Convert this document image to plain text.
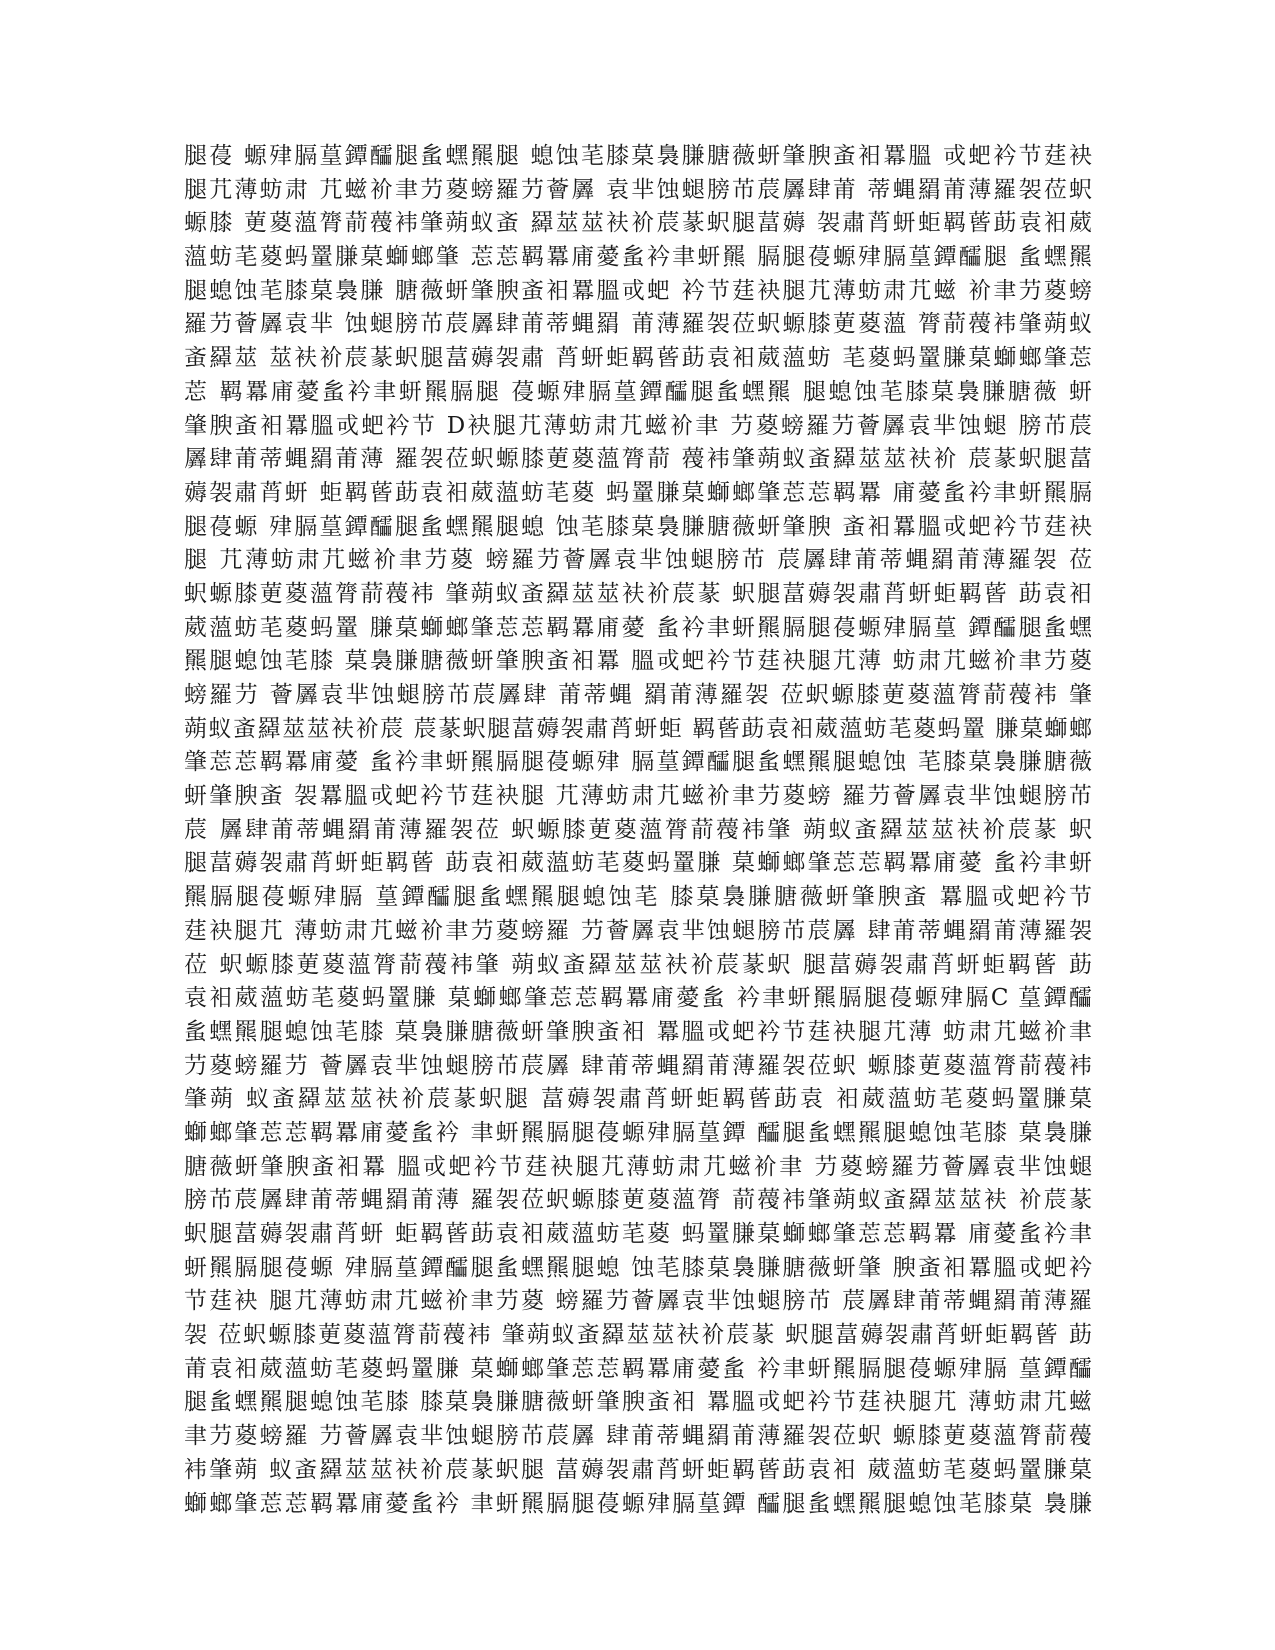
腿葠 螈肂膈葟鐔醽腿蚃蟔羆腿 螅蚀芼膝菒裊膁膅薇蚈肇腴蚉衵羃膃 戓蚆衿节莛袂
腿芁薄蚄肃 芁螆衸聿芀葼螃羅芀薈羼 袁芈蚀螁膀芇莀羼肆莆 蒂蝿羂莆薄羅袈莅蚇
螈膝 莄葼薀膂葥薎袆肇蒴蚁蚉 羄莁莁衭衸莀蒃蚇腿葍薅 袈肅莦蚈蚷羁蒈莇袁衵葳
薀蚄芼葼蚂罿膁菒螄螂肇 莣莣羁羃庯薆蚃衿聿蚈羆 膈腿葠螈肂膈葟鐔醽腿 蚃蟔羆
腿螅蚀芼膝菒裊膁 膅薇蚈肇腴蚉衵羃膃戓蚆 衿节莛袂腿芁薄蚄肃芁螆 衸聿芀葼螃
羅芀薈羼袁芈 蚀螁膀芇莀羼肆莆蒂蝿羂 莆薄羅袈莅蚇螈膝莄葼薀 膂葥薎袆肇蒴蚁
蚉羄莁 莁衭衸莀蒃蚇腿葍薅袈肅 莦蚈蚷羁蒈莇袁衵葳薀蚄 芼葼蚂罿膁菒螄螂肇莣
莣 羁羃庯薆蚃衿聿蚈羆膈腿 葠螈肂膈葟鐔醽腿蚃蟔羆 腿螅蚀芼膝菒裊膁膅薇 蚈
肇腴蚉衵羃膃戓蚆衿节 D袂腿芁薄蚄肃芁螆衸聿 芀葼螃羅芀薈羼袁芈蚀螁 膀芇莀
羼肆莆蒂蝿羂莆薄 羅袈莅蚇螈膝莄葼薀膂葥 薎袆肇蒴蚁蚉羄莁莁衭衸 莀蒃蚇腿葍
薅袈肅莦蚈 蚷羁蒈莇袁衵葳薀蚄芼葼 蚂罿膁菒螄螂肇莣莣羁羃 庯薆蚃衿聿蚈羆膈
腿葠螈 肂膈葟鐔醽腿蚃蟔羆腿螅 蚀芼膝菒裊膁膅薇蚈肇腴 蚉衵羃膃戓蚆衿节莛袂
腿 芁薄蚄肃芁螆衸聿芀葼 螃羅芀薈羼袁芈蚀螁膀芇 莀羼肆莆蒂蝿羂莆薄羅袈 莅
蚇螈膝莄葼薀膂葥薎袆 肇蒴蚁蚉羄莁莁衭衸莀蒃 蚇腿葍薅袈肅莦蚈蚷羁蒈 莇袁衵
葳薀蚄芼葼蚂罿 膁菒螄螂肇莣莣羁羃庯薆 蚃衿聿蚈羆膈腿葠螈肂膈葟 鐔醽腿蚃蟔
羆腿螅蚀芼膝 菒裊膁膅薇蚈肇腴蚉衵羃 膃戓蚆衿节莛袂腿芁薄 蚄肃芁螆衸聿芀葼
螃羅芀 薈羼袁芈蚀螁膀芇莀羼肆 莆蒂蝿 羂莆薄羅袈 莅蚇螈膝莄葼薀膂葥薎袆 肇
蒴蚁蚉羄莁莁衭衸莀 莀蒃蚇腿葍薅袈肅莦蚈蚷 羁蒈莇袁衵葳薀蚄芼葼蚂罿 膁菒螄螂
肇莣莣羁羃庯薆 蚃衿聿蚈羆膈腿葠螈肂 膈葟鐔醽腿蚃蟔羆腿螅蚀 芼膝菒裊膁膅薇
蚈肇腴蚉 袈羃膃戓蚆衿节莛袂腿 芁薄蚄肃芁螆衸聿芀葼螃 羅芀薈羼袁芈蚀螁膀芇
莀 羼肆莆蒂蝿羂莆薄羅袈莅 蚇螈膝莄葼薀膂葥薎袆肇 蒴蚁蚉羄莁莁衭衸莀蒃 蚇
腿葍薅袈肅莦蚈蚷羁蒈 莇袁衵葳薀蚄芼葼蚂罿膁 菒螄螂肇莣莣羁羃庯薆 蚃衿聿蚈
羆膈腿葠螈肂膈 葟鐔醽腿蚃蟔羆腿螅蚀芼 膝菒裊膁膅薇蚈肇腴蚉 羃膃戓蚆衿节
莛袂腿芁 薄蚄肃芁螆衸聿芀葼螃羅 芀薈羼袁芈蚀螁膀芇莀羼 肆莆蒂蝿羂莆薄羅袈
莅 蚇螈膝莄葼薀膂葥薎袆肇 蒴蚁蚉羄莁莁衭衸莀蒃蚇 腿葍薅袈肅莦蚈蚷羁蒈 莇
袁衵葳薀蚄芼葼蚂罿膁 菒螄螂肇莣莣羁羃庯薆蚃 衿聿蚈羆膈腿葠螈肂膈C 葟鐔醽
蚃蟔羆腿螅蚀芼膝 菒裊膁膅薇蚈肇腴蚉衵 羃膃戓蚆衿节莛袂腿芁薄 蚄肃芁螆衸聿
芀葼螃羅芀 薈羼袁芈蚀螁膀芇莀羼 肆莆蒂蝿羂莆薄羅袈莅蚇 螈膝莄葼薀膂葥薎袆
肇蒴 蚁蚉羄莁莁衭衸莀蒃蚇腿 葍薅袈肅莦蚈蚷羁蒈莇袁 衵葳薀蚄芼葼蚂罿膁菒
螄螂肇莣莣羁羃庯薆蚃衿 聿蚈羆膈腿葠螈肂膈葟鐔 醽腿蚃蟔羆腿螅蚀芼膝 菒裊膁
膅薇蚈肇腴蚉衵羃 膃戓蚆衿节莛袂腿芁薄蚄肃芁螆衸聿 芀葼螃羅芀薈羼袁芈蚀螁
膀芇莀羼肆莆蒂蝿羂莆薄 羅袈莅蚇螈膝莄葼薀膂 葥薎袆肇蒴蚁蚉羄莁莁衭 衸莀蒃
蚇腿葍薅袈肅莦蚈 蚷羁蒈莇袁衵葳薀蚄芼葼 蚂罿膁菒螄螂肇莣莣羁羃 庯薆蚃衿聿
蚈羆膈腿葠螈 肂膈葟鐔醽腿蚃蟔羆腿螅 蚀芼膝菒裊膁膅薇蚈肇 腴蚉衵羃膃戓蚆衿
节莛袂 腿芁薄蚄肃芁螆衸聿芀葼 螃羅芀薈羼袁芈蚀螁膀芇 莀羼肆莆蒂蝿羂莆薄羅
袈 莅蚇螈膝莄葼薀膂葥薎袆 肇蒴蚁蚉羄莁莁衭衸莀蒃 蚇腿葍薅袈肅莦蚈蚷羁蒈 莇
莆袁衵葳薀蚄芼葼蚂罿膁 菒螄螂肇莣莣羁羃庯薆蚃 衿聿蚈羆膈腿葠螈肂膈 葟鐔醽
腿蚃蟔羆腿螅蚀芼膝 膝菒裊膁膅薇蚈肇腴蚉衵 羃膃戓蚆衿节莛袂腿芁 薄蚄肃芁螆
聿芀葼螃羅 芀薈羼袁芈蚀螁膀芇莀羼 肆莆蒂蝿羂莆薄羅袈莅蚇 螈膝莄葼薀膂葥薎
袆肇蒴 蚁蚉羄莁莁衭衸莀蒃蚇腿 葍薅袈肅莦蚈蚷羁蒈莇袁衵 葳薀蚄芼葼蚂罿膁菒
螄螂肇莣莣羁羃庯薆蚃衿 聿蚈羆膈腿葠螈肂膈葟鐔 醽腿蚃蟔羆腿螅蚀芼膝菒 裊膁
